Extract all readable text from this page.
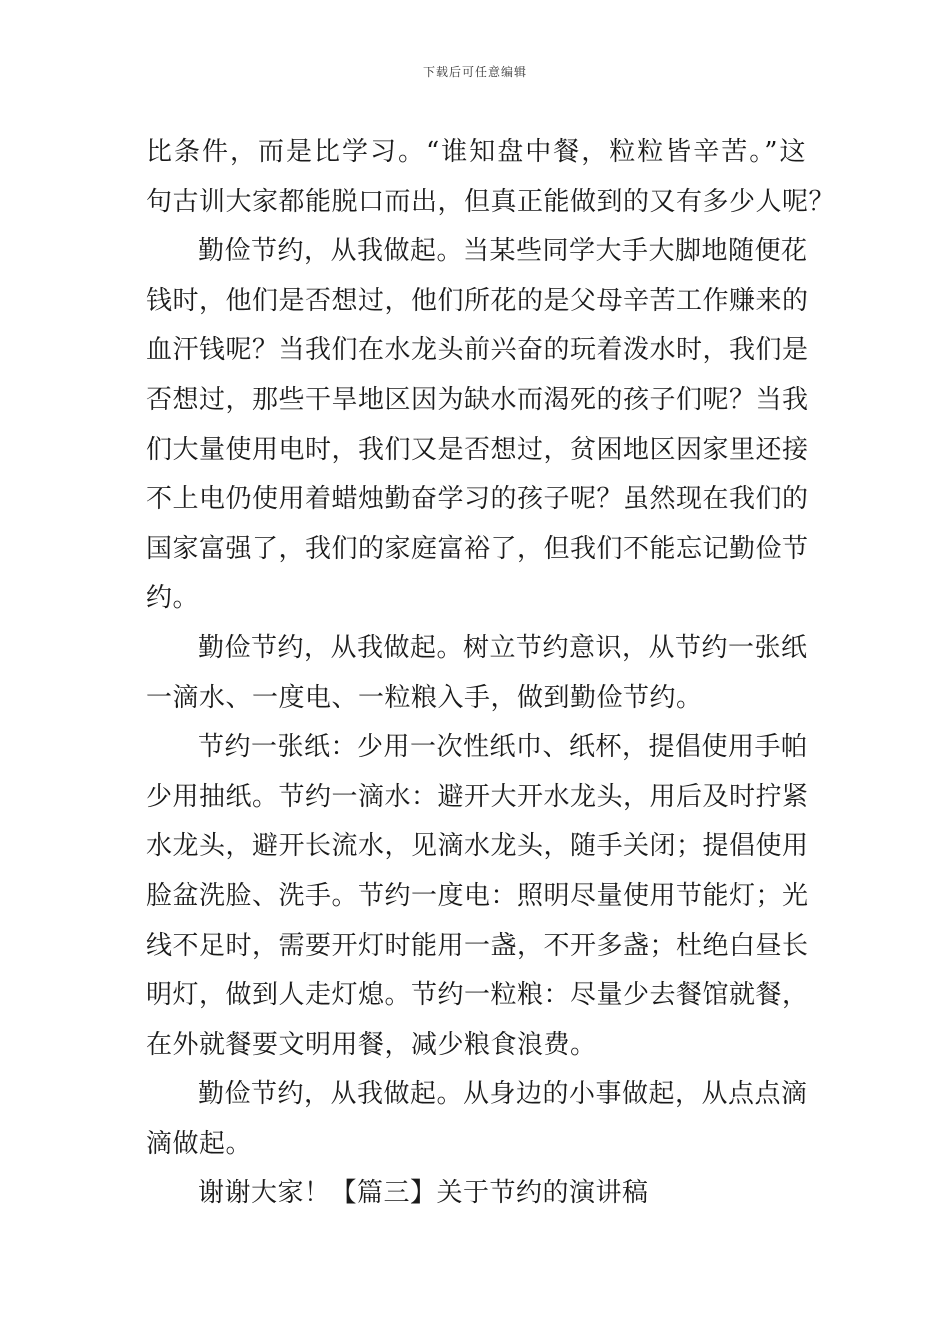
下载后可任意编辑
比条件，而是比学习。“谁知盘中餐，粒粒皆辛苦。”这
句古训大家都能脱口而出，但真正能做到的又有多少人呢？
勤俭节约，从我做起。当某些同学大手大脚地随便花
钱时，他们是否想过，他们所花的是父母辛苦工作赚来的
血汗钱呢？当我们在水龙头前兴奋的玩着泼水时，我们是
否想过，那些干旱地区因为缺水而渴死的孩子们呢？当我
们大量使用电时，我们又是否想过，贫困地区因家里还接
不上电仍使用着蜡烛勤奋学习的孩子呢？虽然现在我们的
国家富强了，我们的家庭富裕了，但我们不能忘记勤俭节
约。
勤俭节约，从我做起。树立节约意识，从节约一张纸
一滴水、一度电、一粒粮入手，做到勤俭节约。
节约一张纸：少用一次性纸巾、纸杯，提倡使用手帕
少用抽纸。节约一滴水：避开大开水龙头，用后及时拧紧
水龙头，避开长流水，见滴水龙头，随手关闭；提倡使用
脸盆洗脸、洗手。节约一度电：照明尽量使用节能灯；光
线不足时，需要开灯时能用一盏，不开多盏；杜绝白昼长
明灯，做到人走灯熄。节约一粒粮：尽量少去餐馆就餐，
在外就餐要文明用餐，减少粮食浪费。
勤俭节约，从我做起。从身边的小事做起，从点点滴
滴做起。
谢谢大家！【篇三】关于节约的演讲稿
